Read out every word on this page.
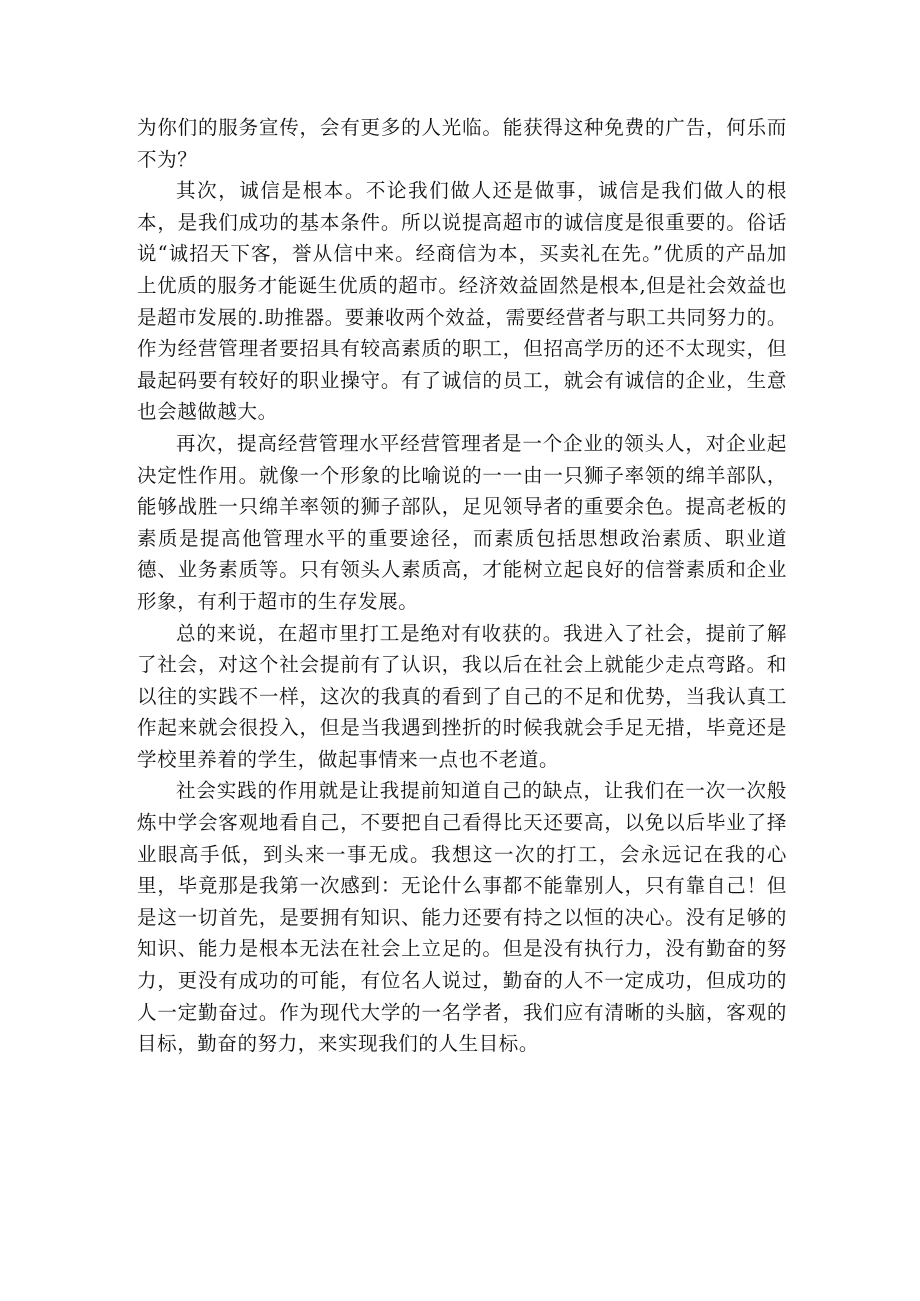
为你们的服务宣传，会有更多的人光临。能获得这种免费的广告，何乐而不为？

其次，诚信是根本。不论我们做人还是做事，诚信是我们做人的根本，是我们成功的基本条件。所以说提高超市的诚信度是很重要的。俗话说“诚招天下客，誉从信中来。经商信为本，买卖礼在先。”优质的产品加上优质的服务才能诞生优质的超市。经济效益固然是根本,但是社会效益也是超市发展的.助推器。要兼收两个效益，需要经营者与职工共同努力的。作为经营管理者要招具有较高素质的职工，但招高学历的还不太现实，但最起码要有较好的职业操守。有了诚信的员工，就会有诚信的企业，生意也会越做越大。

再次，提高经营管理水平经营管理者是一个企业的领头人，对企业起决定性作用。就像一个形象的比喻说的一一由一只狮子率领的绵羊部队，能够战胜一只绵羊率领的狮子部队，足见领导者的重要余色。提高老板的素质是提高他管理水平的重要途径，而素质包括思想政治素质、职业道德、业务素质等。只有领头人素质高，才能树立起良好的信誉素质和企业形象，有利于超市的生存发展。

总的来说，在超市里打工是绝对有收获的。我进入了社会，提前了解了社会，对这个社会提前有了认识，我以后在社会上就能少走点弯路。和以往的实践不一样，这次的我真的看到了自己的不足和优势，当我认真工作起来就会很投入，但是当我遇到挫折的时候我就会手足无措，毕竟还是学校里养着的学生，做起事情来一点也不老道。

社会实践的作用就是让我提前知道自己的缺点，让我们在一次一次般炼中学会客观地看自己，不要把自己看得比天还要高，以免以后毕业了择业眼高手低，到头来一事无成。我想这一次的打工，会永远记在我的心里，毕竟那是我第一次感到：无论什么事都不能靠别人，只有靠自己！但是这一切首先，是要拥有知识、能力还要有持之以恒的决心。没有足够的知识、能力是根本无法在社会上立足的。但是没有执行力，没有勤奋的努力，更没有成功的可能，有位名人说过，勤奋的人不一定成功，但成功的人一定勤奋过。作为现代大学的一名学者，我们应有清晰的头脑，客观的目标，勤奋的努力，来实现我们的人生目标。
